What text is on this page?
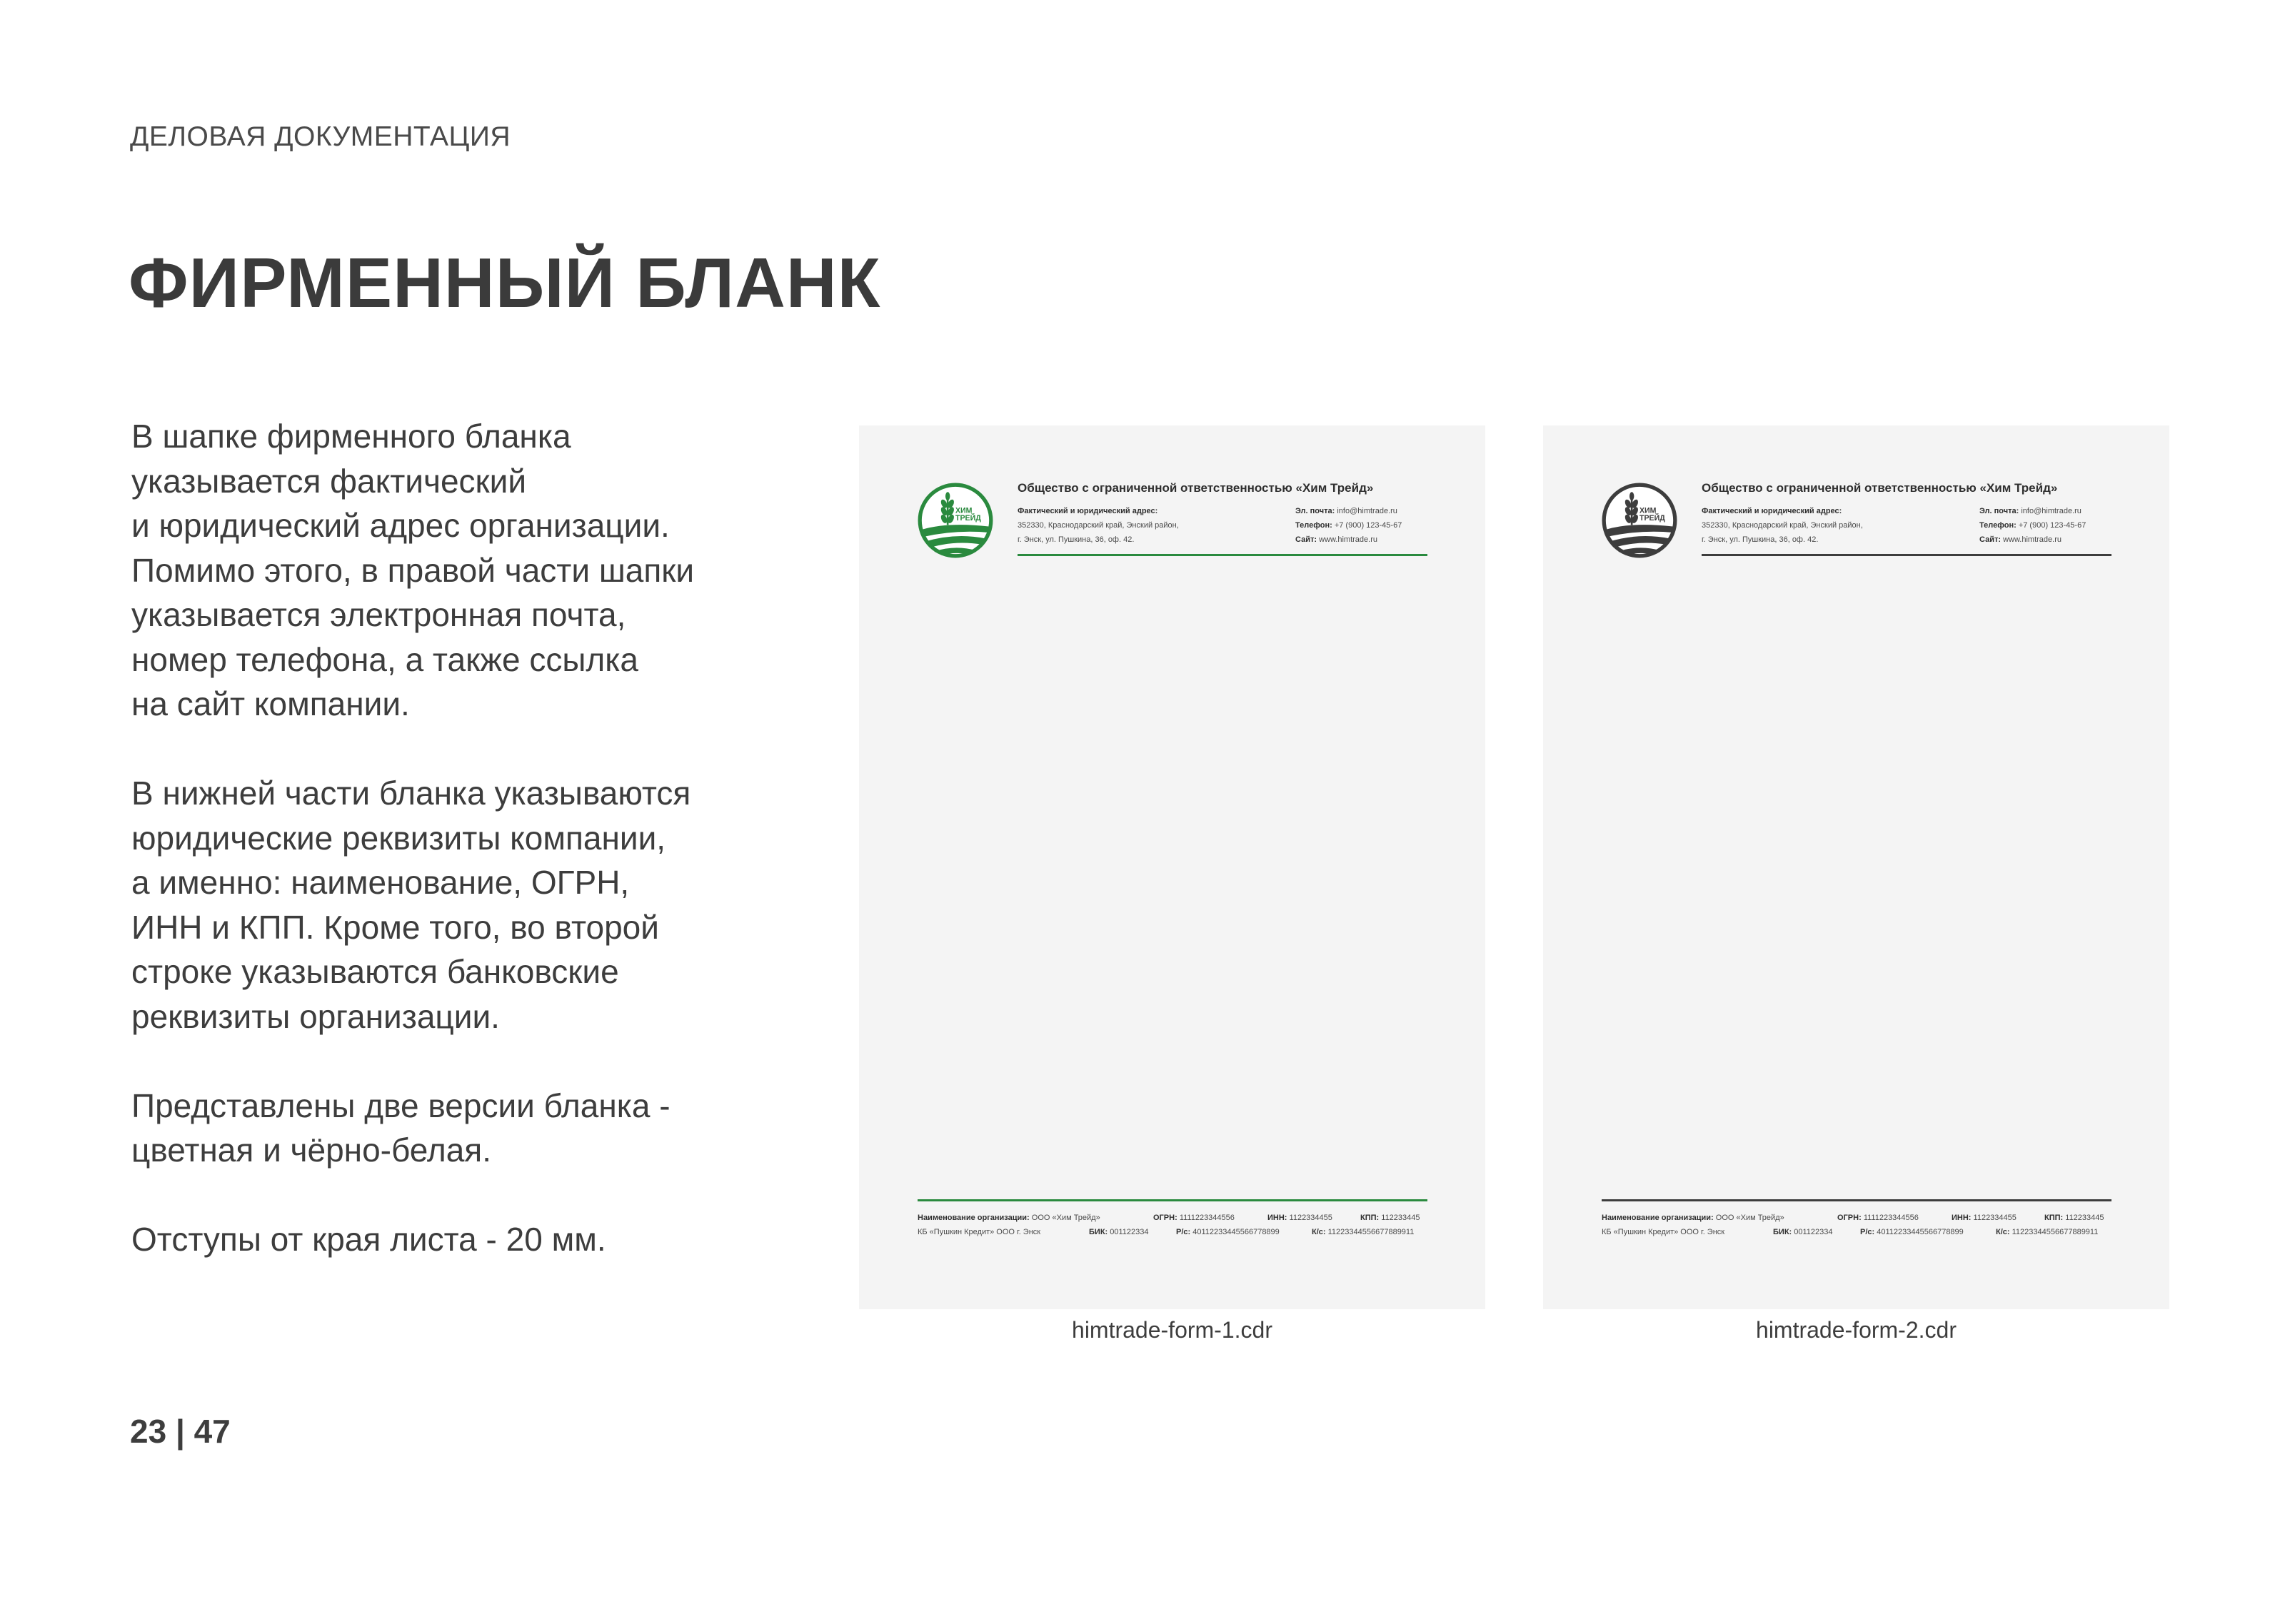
ДЕЛОВАЯ ДОКУМЕНТАЦИЯ
ФИРМЕННЫЙ БЛАНК

В шапке фирменного бланка
указывается фактический
и юридический адрес организации.
Помимо этого, в правой части шапки
указывается электронная почта,
номер телефона, а также ссылка
на сайт компании.

В нижней части бланка указываются
юридические реквизиты компании,
а именно: наименование, ОГРН,
ИНН и КПП. Кроме того, во второй
строке указываются банковские
реквизиты организации.

Представлены две версии бланка -
цветная и чёрно-белая.

Отступы от края листа - 20 мм.

23 | 47
ХИМ ТРЕЙД
Общество с ограниченной ответственностью «Хим Трейд»
Фактический и юридический адрес:
352330, Краснодарский край, Энский район,
г. Энск, ул. Пушкина, 36, оф. 42.
Эл. почта: info@himtrade.ru
Телефон: +7 (900) 123-45-67
Сайт: www.himtrade.ru
Наименование организации: ООО «Хим Трейд»	ОГРН: 1111223344556	ИНН: 1122334455	КПП: 112233445
КБ «Пушкин Кредит» ООО г. Энск	БИК: 001122334	Р/с: 40112233445566778899	К/с: 11223344556677889911
himtrade-form-1.cdr
ХИМ ТРЕЙД
Общество с ограниченной ответственностью «Хим Трейд»
Фактический и юридический адрес:
352330, Краснодарский край, Энский район,
г. Энск, ул. Пушкина, 36, оф. 42.
Эл. почта: info@himtrade.ru
Телефон: +7 (900) 123-45-67
Сайт: www.himtrade.ru
Наименование организации: ООО «Хим Трейд»	ОГРН: 1111223344556	ИНН: 1122334455	КПП: 112233445
КБ «Пушкин Кредит» ООО г. Энск	БИК: 001122334	Р/с: 40112233445566778899	К/с: 11223344556677889911
himtrade-form-2.cdr
